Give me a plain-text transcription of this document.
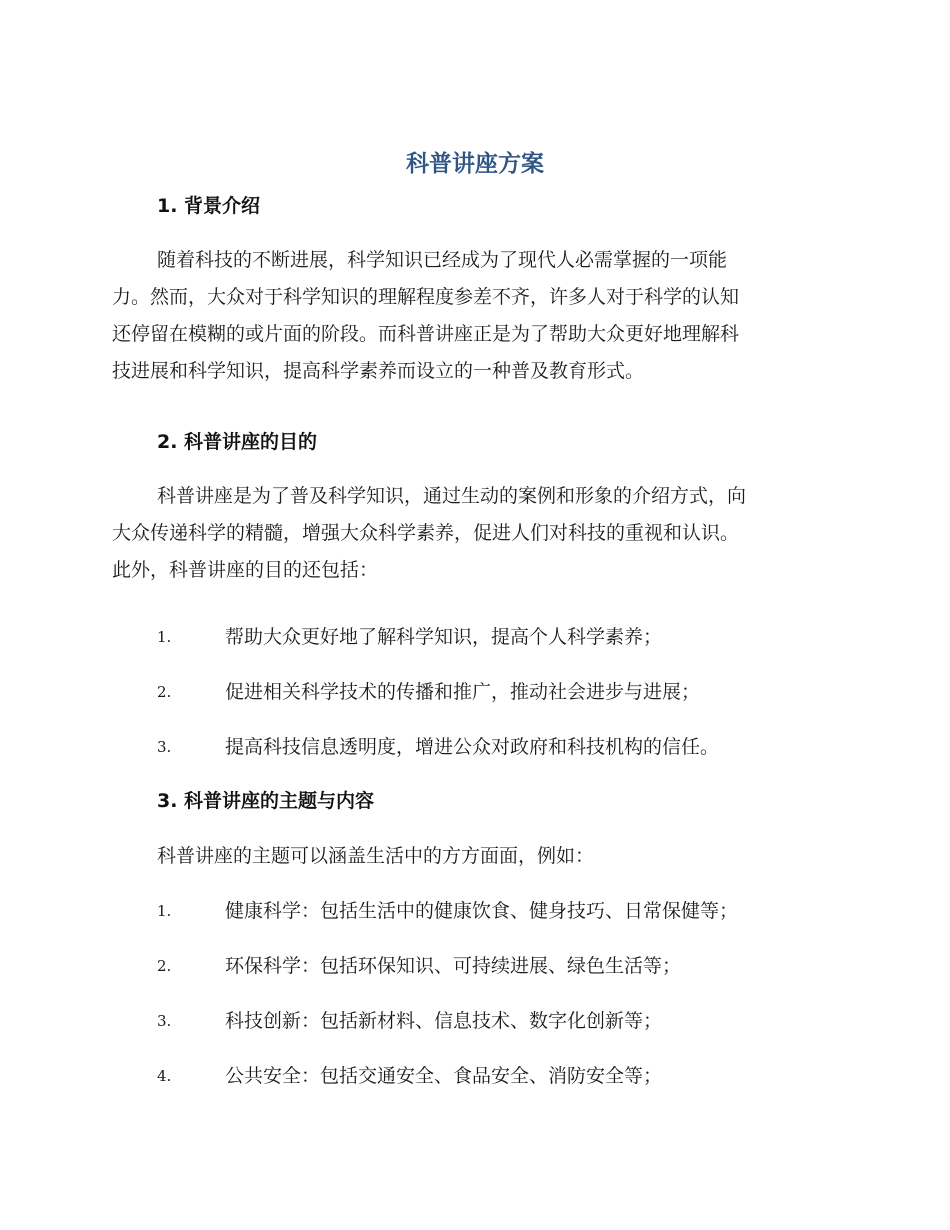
科普讲座方案
1. 背景介绍
随着科技的不断进展，科学知识已经成为了现代人必需掌握的一项能
力。然而，大众对于科学知识的理解程度参差不齐，许多人对于科学的认知
还停留在模糊的或片面的阶段。而科普讲座正是为了帮助大众更好地理解科
技进展和科学知识，提高科学素养而设立的一种普及教育形式。
2. 科普讲座的目的
科普讲座是为了普及科学知识，通过生动的案例和形象的介绍方式，向
大众传递科学的精髓，增强大众科学素养，促进人们对科技的重视和认识。
此外，科普讲座的目的还包括：
1.	帮助大众更好地了解科学知识，提高个人科学素养；
2.	促进相关科学技术的传播和推广，推动社会进步与进展；
3.	提高科技信息透明度，增进公众对政府和科技机构的信任。
3. 科普讲座的主题与内容
科普讲座的主题可以涵盖生活中的方方面面，例如：
1.	健康科学：包括生活中的健康饮食、健身技巧、日常保健等；
2.	环保科学：包括环保知识、可持续进展、绿色生活等；
3.	科技创新：包括新材料、信息技术、数字化创新等；
4.	公共安全：包括交通安全、食品安全、消防安全等；
